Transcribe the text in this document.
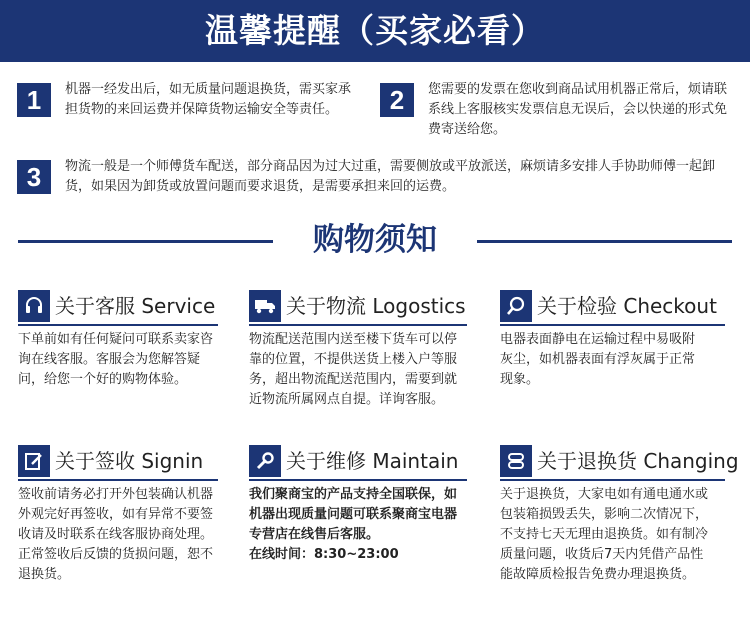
温馨提醒（买家必看）
1	机器一经发出后，如无质量问题退换货，需买家承担货物的来回运费并保障货物运输安全等责任。	2	您需要的发票在您收到商品试用机器正常后，烦请联系线上客服核实发票信息无误后，会以快递的形式免费寄送给您。
3	物流一般是一个师傅货车配送，部分商品因为过大过重，需要侧放或平放派送，麻烦请多安排人手协助师傅一起卸货，如果因为卸货或放置问题而要求退货，是需要承担来回的运费。
购物须知
关于客服 Service
下单前如有任何疑问可联系卖家咨询在线客服。客服会为您解答疑问，给您一个好的购物体验。
关于物流 Logostics
物流配送范围内送至楼下货车可以停靠的位置，不提供送货上楼入户等服务，超出物流配送范围内，需要到就近物流所属网点自提。详询客服。
关于检验 Checkout
电器表面静电在运输过程中易吸附灰尘，如机器表面有浮灰属于正常现象。
关于签收 Signin
签收前请务必打开外包装确认机器外观完好再签收，如有异常不要签收请及时联系在线客服协商处理。正常签收后反馈的货损问题，恕不退换货。
关于维修 Maintain
我们聚商宝的产品支持全国联保，如机器出现质量问题可联系聚商宝电器专营店在线售后客服。
在线时间：8:30~23:00
关于退换货 Changing
关于退换货，大家电如有通电通水或包装箱损毁丢失，影响二次情况下，不支持七天无理由退换货。如有制冷质量问题，收货后7天内凭借产品性能故障质检报告免费办理退换货。
